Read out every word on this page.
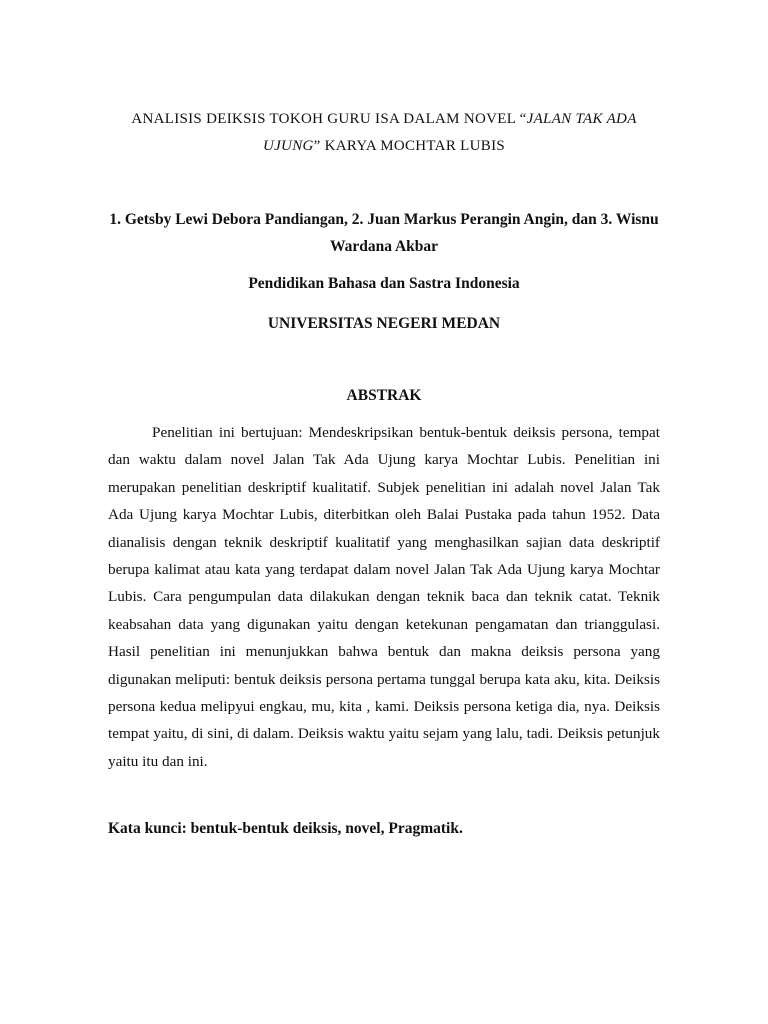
ANALISIS DEIKSIS TOKOH GURU ISA DALAM NOVEL “JALAN TAK ADA UJUNG” KARYA MOCHTAR LUBIS

1. Getsby Lewi Debora Pandiangan, 2. Juan Markus Perangin Angin, dan 3. Wisnu Wardana Akbar

Pendidikan Bahasa dan Sastra Indonesia

UNIVERSITAS NEGERI MEDAN

ABSTRAK

Penelitian ini bertujuan: Mendeskripsikan bentuk-bentuk deiksis persona, tempat dan waktu dalam novel Jalan Tak Ada Ujung karya Mochtar Lubis. Penelitian ini merupakan penelitian deskriptif kualitatif. Subjek penelitian ini adalah novel Jalan Tak Ada Ujung karya Mochtar Lubis, diterbitkan oleh Balai Pustaka pada tahun 1952. Data dianalisis dengan teknik deskriptif kualitatif yang menghasilkan sajian data deskriptif berupa kalimat atau kata yang terdapat dalam novel Jalan Tak Ada Ujung karya Mochtar Lubis. Cara pengumpulan data dilakukan dengan teknik baca dan teknik catat. Teknik keabsahan data yang digunakan yaitu dengan ketekunan pengamatan dan trianggulasi. Hasil penelitian ini menunjukkan bahwa bentuk dan makna deiksis persona yang digunakan meliputi: bentuk deiksis persona pertama tunggal berupa kata aku, kita. Deiksis persona kedua melipyui engkau, mu, kita , kami. Deiksis persona ketiga dia, nya. Deiksis tempat yaitu, di sini, di dalam. Deiksis waktu yaitu sejam yang lalu, tadi. Deiksis petunjuk yaitu itu dan ini.

Kata kunci: bentuk-bentuk deiksis, novel, Pragmatik.
